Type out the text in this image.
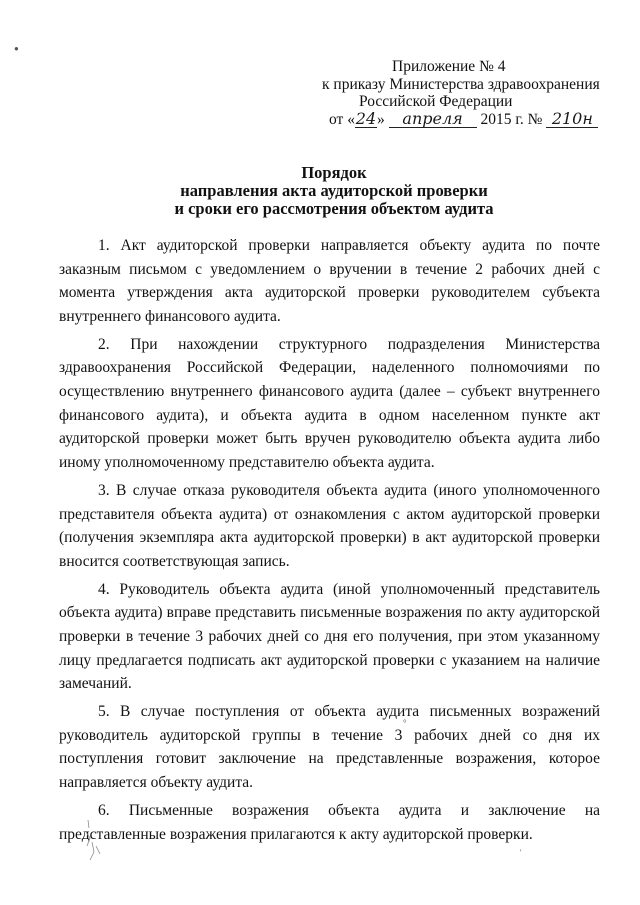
Приложение № 4
к приказу Министерства здравоохранения
Российской Федерации
от «24» апреля 2015 г. № 210н
Порядок
направления акта аудиторской проверки
и сроки его рассмотрения объектом аудита

1. Акт аудиторской проверки направляется объекту аудита по почте заказным письмом с уведомлением о вручении в течение 2 рабочих дней с момента утверждения акта аудиторской проверки руководителем субъекта внутреннего финансового аудита.

2. При нахождении структурного подразделения Министерства здравоохранения Российской Федерации, наделенного полномочиями по осуществлению внутреннего финансового аудита (далее – субъект внутреннего финансового аудита), и объекта аудита в одном населенном пункте акт аудиторской проверки может быть вручен руководителю объекта аудита либо иному уполномоченному представителю объекта аудита.

3. В случае отказа руководителя объекта аудита (иного уполномоченного представителя объекта аудита) от ознакомления с актом аудиторской проверки (получения экземпляра акта аудиторской проверки) в акт аудиторской проверки вносится соответствующая запись.

4. Руководитель объекта аудита (иной уполномоченный представитель объекта аудита) вправе представить письменные возражения по акту аудиторской проверки в течение 3 рабочих дней со дня его получения, при этом указанному лицу предлагается подписать акт аудиторской проверки с указанием на наличие замечаний.

5. В случае поступления от объекта аудита письменных возражений руководитель аудиторской группы в течение 3 рабочих дней со дня их поступления готовит заключение на представленные возражения, которое направляется объекту аудита.

6. Письменные возражения объекта аудита и заключение на представленные возражения прилагаются к акту аудиторской проверки.

●
°
'
